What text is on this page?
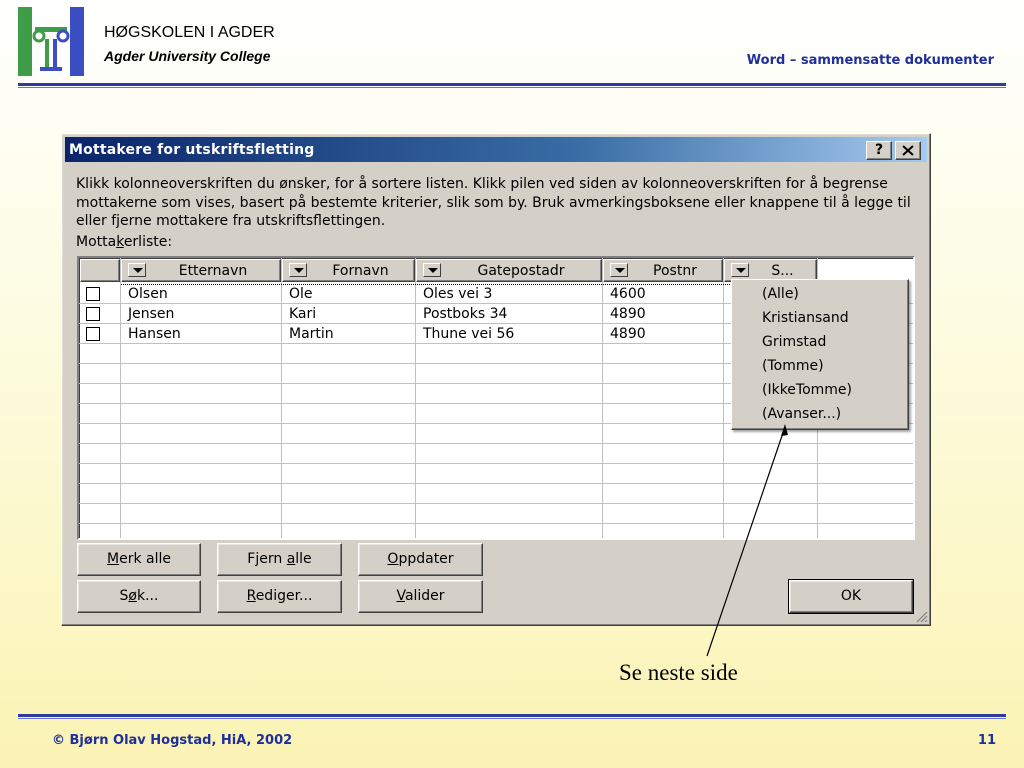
HØGSKOLEN I AGDER
Agder University College	Word – sammensatte dokumenter
Mottakere for utskriftsfletting	?
Klikk kolonneoverskriften du ønsker, for å sortere listen. Klikk pilen ved siden av kolonneoverskriften for å begrense mottakerne som vises, basert på bestemte kriterier, slik som by. Bruk avmerkingsboksene eller knappene til å legge til eller fjerne mottakere fra utskriftsflettingen.
Mottakerliste:
Etternavn	Fornavn	Gatepostadr	Postnr	S...
Olsen	Ole	Oles vei 3	4600
Jensen	Kari	Postboks 34	4890
Hansen	Martin	Thune vei 56	4890
Merk alle	Fjern alle	Oppdater
Søk...	Rediger...	Valider	OK
(Alle)
Kristiansand
Grimstad
(Tomme)
(IkkeTomme)
(Avanser...)
Se neste side
© Bjørn Olav Hogstad, HiA, 2002	11
